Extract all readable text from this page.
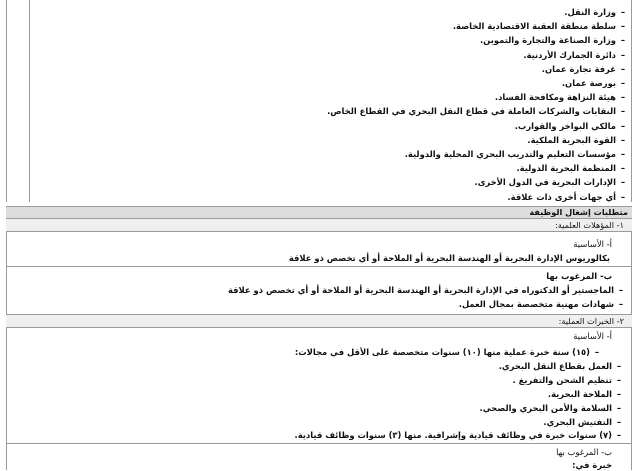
–وزارة النقل.
–سلطة منطقة العقبة الاقتصادية الخاصة.
–وزارة الصناعة والتجارة والتموين.
–دائرة الجمارك الأردنية.
–غرفة تجارة عمان.
–بورصة عمان.
–هيئة النزاهة ومكافحة الفساد.
–النقابات والشركات العاملة في قطاع النقل البحري في القطاع الخاص.
–مالكي البواخر والقوارب.
–القوة البحرية الملكية.
–مؤسسات التعليم والتدريب البحري المحلية والدولية.
–المنظمة البحرية الدولية.
–الإدارات البحرية في الدول الأخرى.
–أي جهات أخرى ذات علاقة.
متطلبات إشغال الوظيفة
١- المؤهلات العلمية:
أ- الأساسية
بكالوريوس الإدارة البحرية أو الهندسة البحرية أو الملاحة أو أي تخصص ذو علاقة
ب- المرغوب بها
–الماجستير أو الدكتوراه في الإدارة البحرية أو الهندسة البحرية أو الملاحة أو أي تخصص ذو علاقة
–شهادات مهنية متخصصة بمجال العمل.
٢- الخبرات العملية:
أ- الأساسية
–(١٥) سنة خبرة عملية منها (١٠) سنوات متخصصة على الأقل في مجالات:
–العمل بقطاع النقل البحري.
–تنظيم الشحن والتفريغ .
–الملاحة البحرية.
–السلامة والأمن البحري والصحي.
–التفتيش البحري.
–(٧) سنوات خبرة في وظائف قيادية وإشرافية. منها (٣) سنوات وظائف قيادية.
ب- المرغوب بها
خبرة في:
